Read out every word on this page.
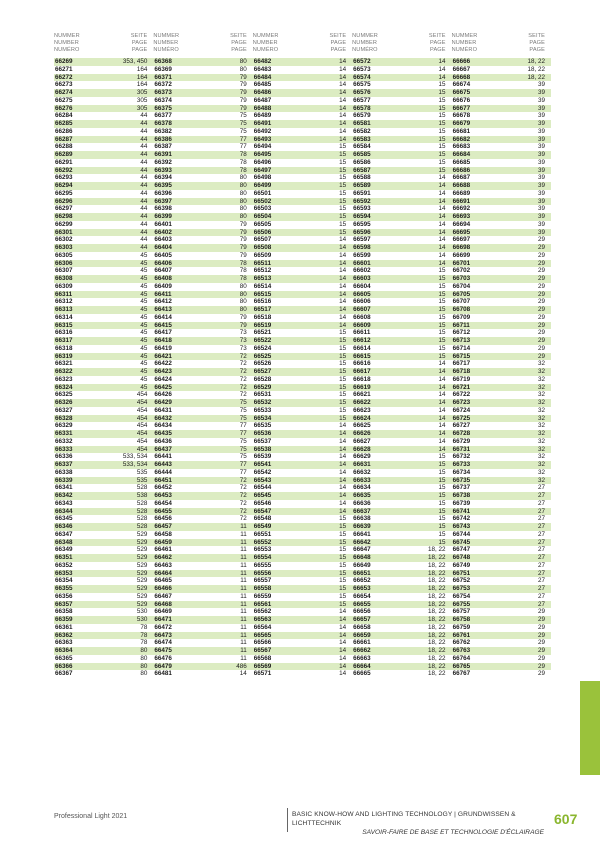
NUMMER
NUMBER
NUMÉRO
SEITE
PAGE
PAGE
NUMMER
NUMBER
NUMÉRO
SEITE
PAGE
PAGE
NUMMER
NUMBER
NUMÉRO
SEITE
PAGE
PAGE
NUMMER
NUMBER
NUMÉRO
SEITE
PAGE
PAGE
NUMMER
NUMBER
NUMÉRO
SEITE
PAGE
PAGE
66269	353, 450	66368	80	66482	14	66572	14	66666	18, 22
66271	164	66369	80	66483	14	66573	14	66667	18, 22
66272	164	66371	79	66484	14	66574	14	66668	18, 22
66273	164	66372	79	66485	14	66575	15	66674	39
66274	305	66373	79	66486	14	66576	15	66675	39
66275	305	66374	79	66487	14	66577	15	66676	39
66276	305	66375	79	66488	14	66578	15	66677	39
66284	44	66377	75	66489	14	66579	15	66678	39
66285	44	66378	75	66491	14	66581	15	66679	39
66286	44	66382	75	66492	14	66582	15	66681	39
66287	44	66386	77	66493	14	66583	15	66682	39
66288	44	66387	77	66494	15	66584	15	66683	39
66289	44	66391	78	66495	15	66585	15	66684	39
66291	44	66392	78	66496	15	66586	15	66685	39
66292	44	66393	78	66497	15	66587	15	66686	39
66293	44	66394	80	66498	15	66588	14	66687	39
66294	44	66395	80	66499	15	66589	14	66688	39
66295	44	66396	80	66501	15	66591	14	66689	39
66296	44	66397	80	66502	15	66592	14	66691	39
66297	44	66398	80	66503	15	66593	14	66692	39
66298	44	66399	80	66504	15	66594	14	66693	39
66299	44	66401	79	66505	15	66595	14	66694	39
66301	44	66402	79	66506	15	66596	14	66695	39
66302	44	66403	79	66507	14	66597	14	66697	29
66303	44	66404	79	66508	14	66598	14	66698	29
66305	45	66405	79	66509	14	66599	14	66699	29
66306	45	66406	78	66511	14	66601	14	66701	29
66307	45	66407	78	66512	14	66602	15	66702	29
66308	45	66408	78	66513	14	66603	15	66703	29
66309	45	66409	80	66514	14	66604	15	66704	29
66311	45	66411	80	66515	14	66605	15	66705	29
66312	45	66412	80	66516	14	66606	15	66707	29
66313	45	66413	80	66517	14	66607	15	66708	29
66314	45	66414	79	66518	14	66608	15	66709	29
66315	45	66415	79	66519	14	66609	15	66711	29
66316	45	66417	73	66521	15	66611	15	66712	29
66317	45	66418	73	66522	15	66612	15	66713	29
66318	45	66419	73	66524	15	66614	15	66714	29
66319	45	66421	72	66525	15	66615	15	66715	29
66321	45	66422	72	66526	15	66616	14	66717	32
66322	45	66423	72	66527	15	66617	14	66718	32
66323	45	66424	72	66528	15	66618	14	66719	32
66324	45	66425	72	66529	15	66619	14	66721	32
66325	454	66426	72	66531	15	66621	14	66722	32
66326	454	66429	75	66532	15	66622	14	66723	32
66327	454	66431	75	66533	15	66623	14	66724	32
66328	454	66432	75	66534	15	66624	14	66725	32
66329	454	66434	77	66535	14	66625	14	66727	32
66331	454	66435	77	66536	14	66626	14	66728	32
66332	454	66436	75	66537	14	66627	14	66729	32
66333	454	66437	75	66538	14	66628	14	66731	32
66336	533, 534	66441	75	66539	14	66629	15	66732	32
66337	533, 534	66443	77	66541	14	66631	15	66733	32
66338	535	66444	77	66542	14	66632	15	66734	32
66339	535	66451	72	66543	14	66633	15	66735	32
66341	528	66452	72	66544	14	66634	15	66737	27
66342	538	66453	72	66545	14	66635	15	66738	27
66343	528	66454	72	66546	14	66636	15	66739	27
66344	528	66455	72	66547	14	66637	15	66741	27
66345	528	66456	72	66548	15	66638	15	66742	27
66346	528	66457	11	66549	15	66639	15	66743	27
66347	529	66458	11	66551	15	66641	15	66744	27
66348	529	66459	11	66552	15	66642	15	66745	27
66349	529	66461	11	66553	15	66647	18, 22	66747	27
66351	529	66462	11	66554	15	66648	18, 22	66748	27
66352	529	66463	11	66555	15	66649	18, 22	66749	27
66353	529	66464	11	66556	15	66651	18, 22	66751	27
66354	529	66465	11	66557	15	66652	18, 22	66752	27
66355	529	66466	11	66558	15	66653	18, 22	66753	27
66356	529	66467	11	66559	15	66654	18, 22	66754	27
66357	529	66468	11	66561	15	66655	18, 22	66755	27
66358	530	66469	11	66562	14	66656	18, 22	66757	29
66359	530	66471	11	66563	14	66657	18, 22	66758	29
66361	78	66472	11	66564	14	66658	18, 22	66759	29
66362	78	66473	11	66565	14	66659	18, 22	66761	29
66363	78	66474	11	66566	14	66661	18, 22	66762	29
66364	80	66475	11	66567	14	66662	18, 22	66763	29
66365	80	66476	11	66568	14	66663	18, 22	66764	29
66366	80	66479	486	66569	14	66664	18, 22	66765	29
66367	80	66481	14	66571	14	66665	18, 22	66767	29
Professional Light 2021	BASIC KNOW-HOW AND LIGHTING TECHNOLOGY | GRUNDWISSEN & LICHTTECHNIK
SAVOIR-FAIRE DE BASE ET TECHNOLOGIE D'ÉCLAIRAGE
607
